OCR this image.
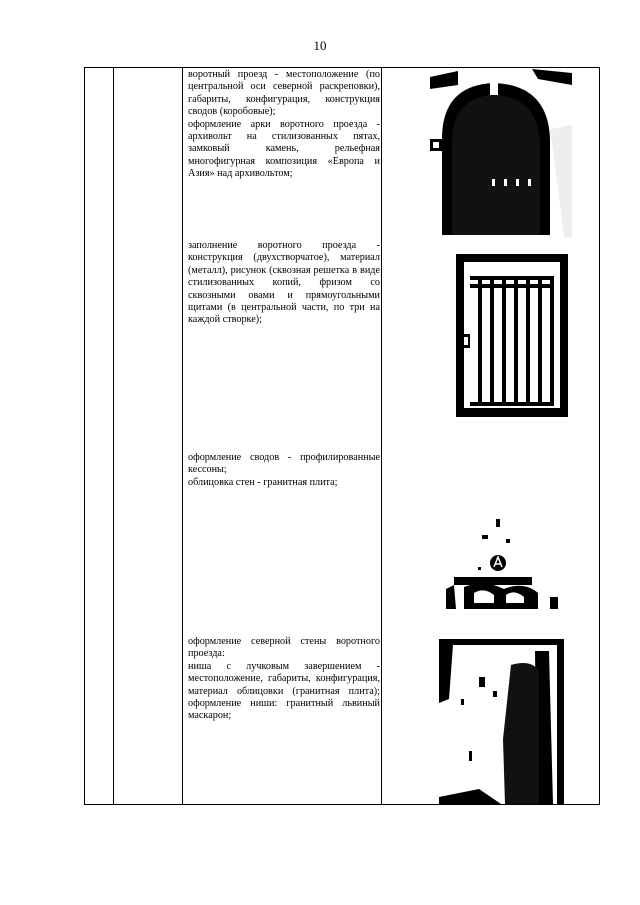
10

воротный проезд - местоположение (по центральной оси северной раскреповки), габариты, конфигурация, конструкция сводов (коробовые);

оформление арки воротного проезда - архивольт на стилизованных пятах, замковый камень, рельефная многофигурная композиция «Европа и Азия» над архивольтом;

заполнение воротного проезда - конструкция (двухстворчатое), материал (металл), рисунок (сквозная решетка в виде стилизованных копий, фризом со сквозными овами и прямоугольными щитами (в центральной части, по три на каждой створке);

оформление сводов - профилированные кессоны;

облицовка стен - гранитная плита;

оформление северной стены воротного проезда:

ниша с лучковым завершением - местоположение, габариты, конфигурация, материал облицовки (гранитная плита); оформление ниши: гранитный львиный маскарон;
